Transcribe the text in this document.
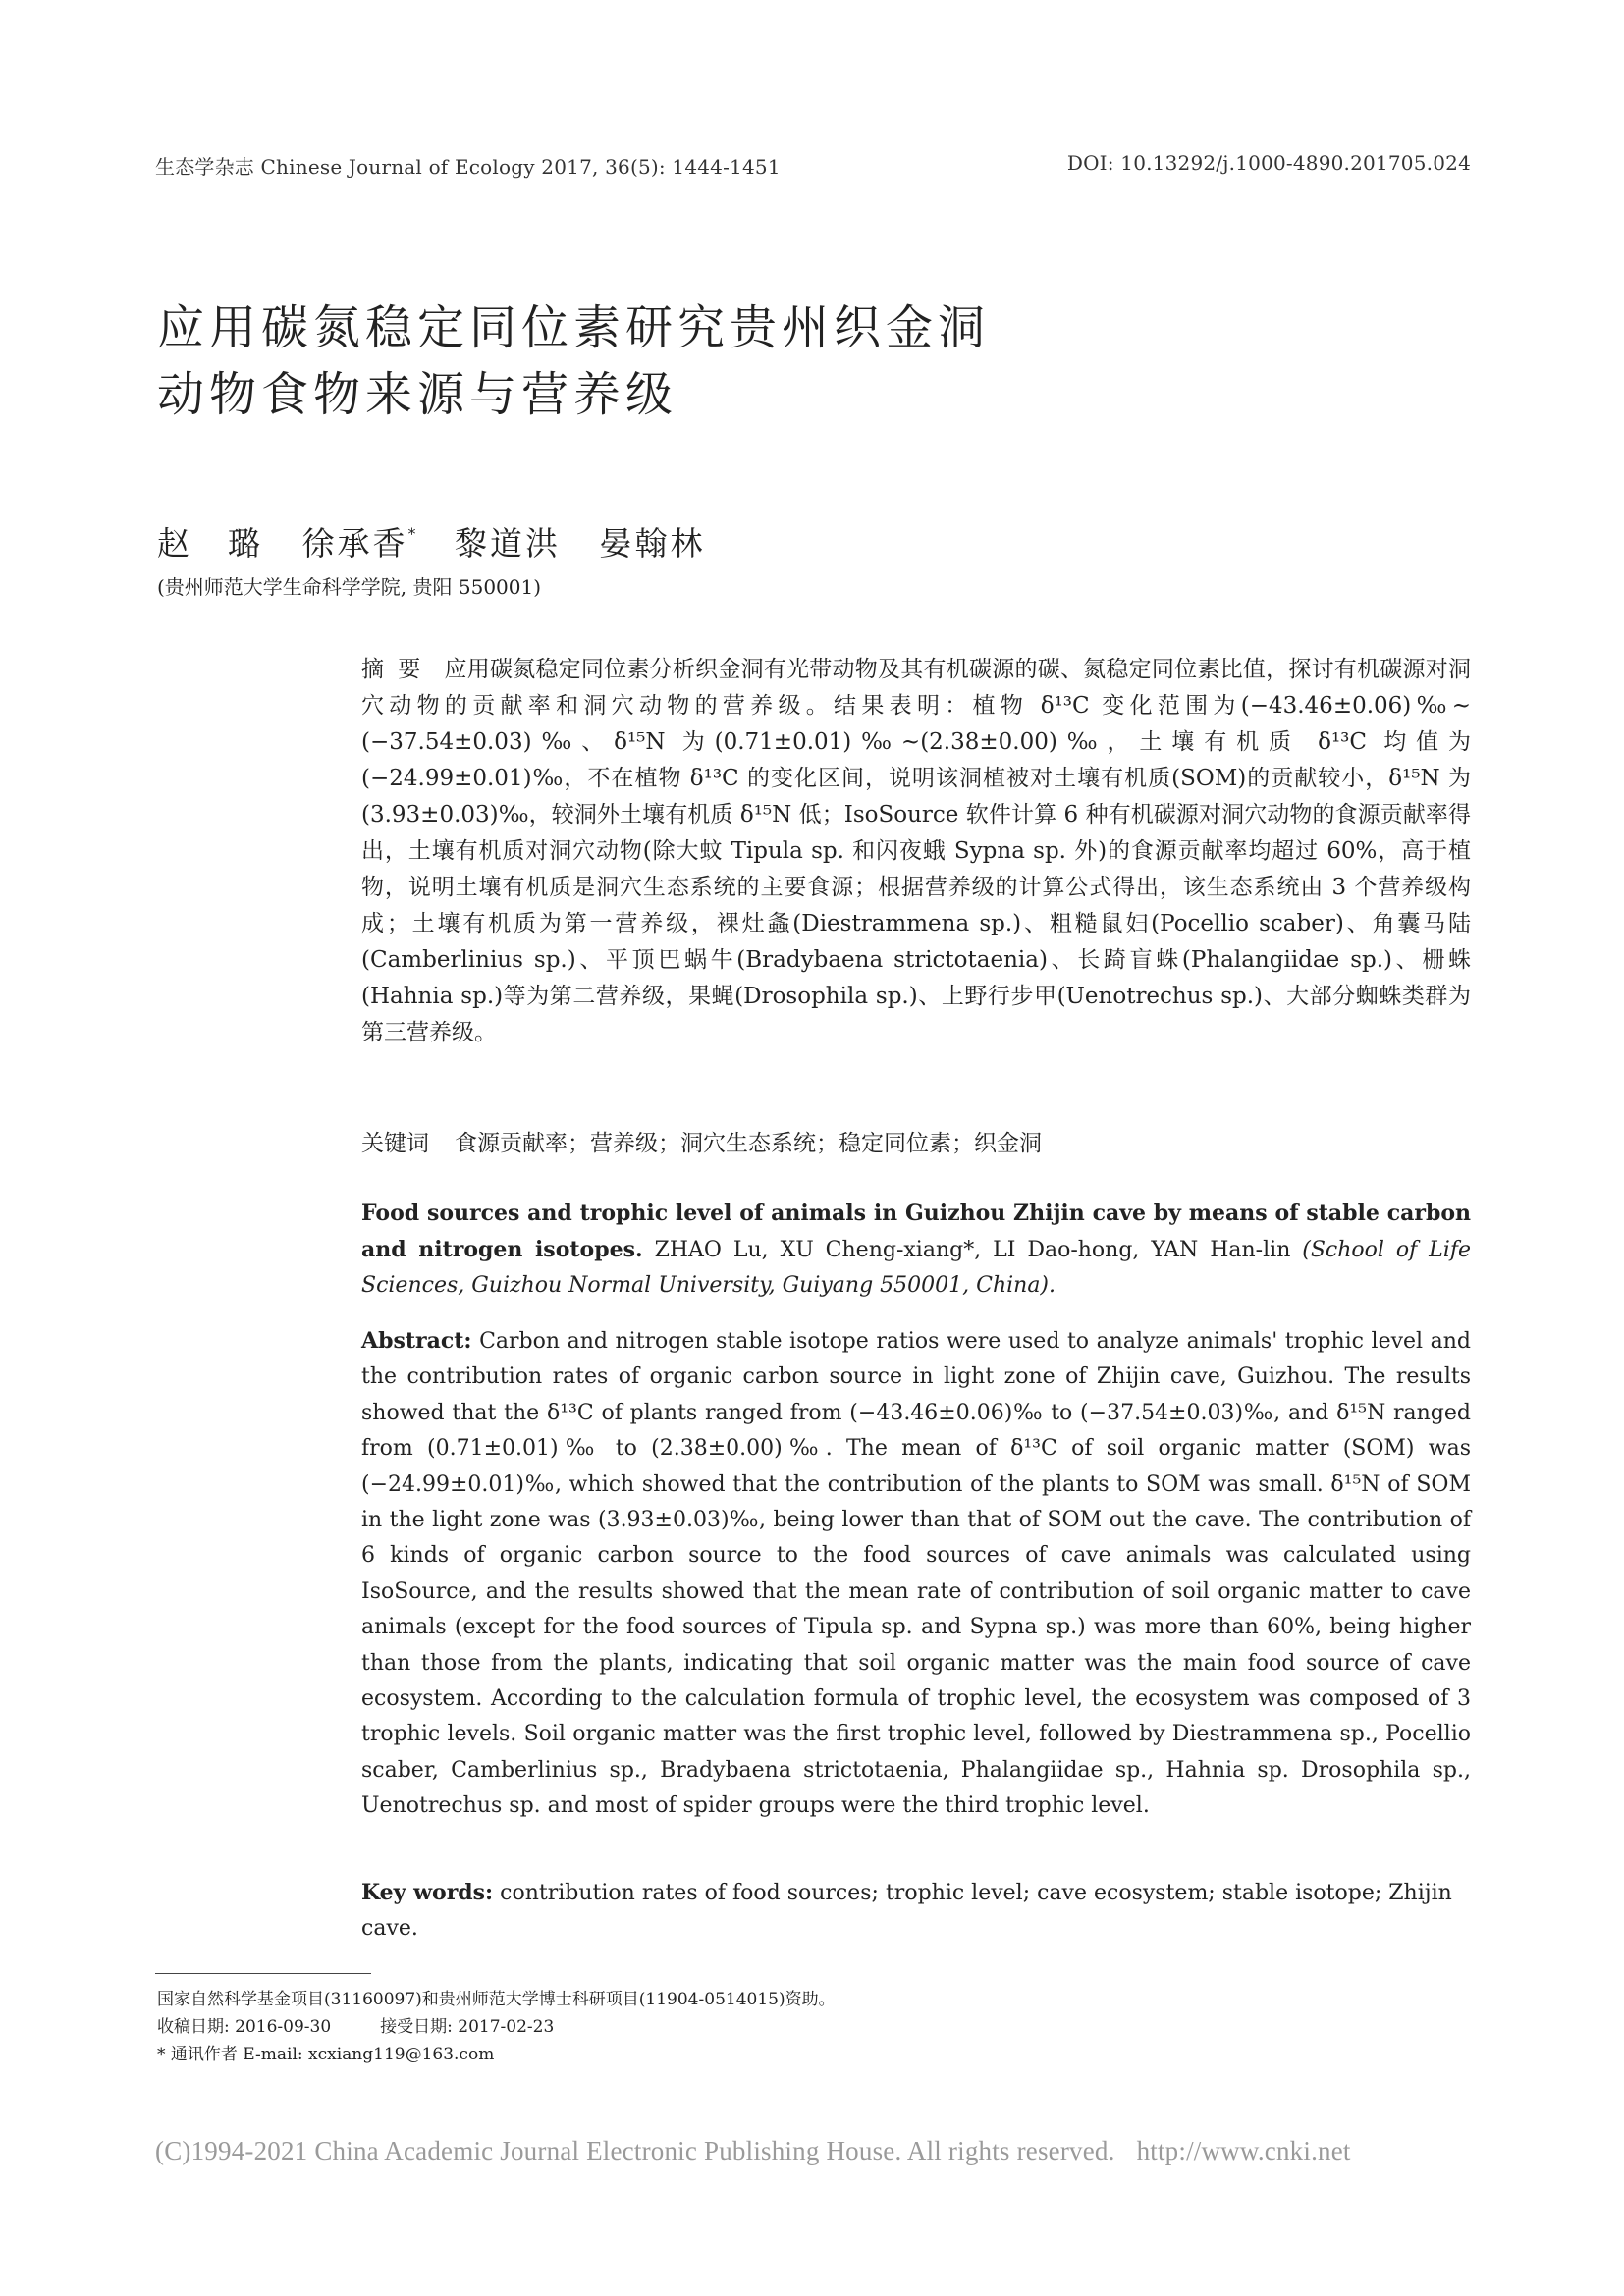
生态学杂志 Chinese Journal of Ecology 2017, 36(5): 1444-1451	DOI: 10.13292/j.1000-4890.201705.024
应用碳氮稳定同位素研究贵州织金洞
动物食物来源与营养级
赵　璐 徐承香* 黎道洪 晏翰林
(贵州师范大学生命科学学院, 贵阳 550001)
摘要 应用碳氮稳定同位素分析织金洞有光带动物及其有机碳源的碳、氮稳定同位素比值，探讨有机碳源对洞穴动物的贡献率和洞穴动物的营养级。结果表明：植物 δ¹³C 变化范围为(−43.46±0.06)‰~(−37.54±0.03)‰、δ¹⁵N 为(0.71±0.01)‰~(2.38±0.00)‰，土壤有机质 δ¹³C 均值为(−24.99±0.01)‰，不在植物 δ¹³C 的变化区间，说明该洞植被对土壤有机质(SOM)的贡献较小，δ¹⁵N 为(3.93±0.03)‰，较洞外土壤有机质 δ¹⁵N 低；IsoSource 软件计算 6 种有机碳源对洞穴动物的食源贡献率得出，土壤有机质对洞穴动物(除大蚊 Tipula sp. 和闪夜蛾 Sypna sp. 外)的食源贡献率均超过 60%，高于植物，说明土壤有机质是洞穴生态系统的主要食源；根据营养级的计算公式得出，该生态系统由 3 个营养级构成；土壤有机质为第一营养级，裸灶螽(Diestrammena sp.)、粗糙鼠妇(Pocellio scaber)、角囊马陆(Camberlinius sp.)、平顶巴蜗牛(Bradybaena strictotaenia)、长踦盲蛛(Phalangiidae sp.)、栅蛛(Hahnia sp.)等为第二营养级，果蝇(Drosophila sp.)、上野行步甲(Uenotrechus sp.)、大部分蜘蛛类群为第三营养级。
关键词 食源贡献率；营养级；洞穴生态系统；稳定同位素；织金洞
Food sources and trophic level of animals in Guizhou Zhijin cave by means of stable carbon and nitrogen isotopes. ZHAO Lu, XU Cheng-xiang*, LI Dao-hong, YAN Han-lin (School of Life Sciences, Guizhou Normal University, Guiyang 550001, China).
Abstract: Carbon and nitrogen stable isotope ratios were used to analyze animals' trophic level and the contribution rates of organic carbon source in light zone of Zhijin cave, Guizhou. The results showed that the δ¹³C of plants ranged from (−43.46±0.06)‰ to (−37.54±0.03)‰, and δ¹⁵N ranged from (0.71±0.01)‰ to (2.38±0.00)‰. The mean of δ¹³C of soil organic matter (SOM) was (−24.99±0.01)‰, which showed that the contribution of the plants to SOM was small. δ¹⁵N of SOM in the light zone was (3.93±0.03)‰, being lower than that of SOM out the cave. The contribution of 6 kinds of organic carbon source to the food sources of cave animals was calculated using IsoSource, and the results showed that the mean rate of contribution of soil organic matter to cave animals (except for the food sources of Tipula sp. and Sypna sp.) was more than 60%, being higher than those from the plants, indicating that soil organic matter was the main food source of cave ecosystem. According to the calculation formula of trophic level, the ecosystem was composed of 3 trophic levels. Soil organic matter was the first trophic level, followed by Diestrammena sp., Pocellio scaber, Camberlinius sp., Bradybaena strictotaenia, Phalangiidae sp., Hahnia sp. Drosophila sp., Uenotrechus sp. and most of spider groups were the third trophic level.
Key words: contribution rates of food sources; trophic level; cave ecosystem; stable isotope; Zhijin cave.
国家自然科学基金项目(31160097)和贵州师范大学博士科研项目(11904-0514015)资助。
收稿日期: 2016-09-30	接受日期: 2017-02-23
* 通讯作者 E-mail: xcxiang119@163.com
(C)1994-2021 China Academic Journal Electronic Publishing House. All rights reserved. http://www.cnki.net
